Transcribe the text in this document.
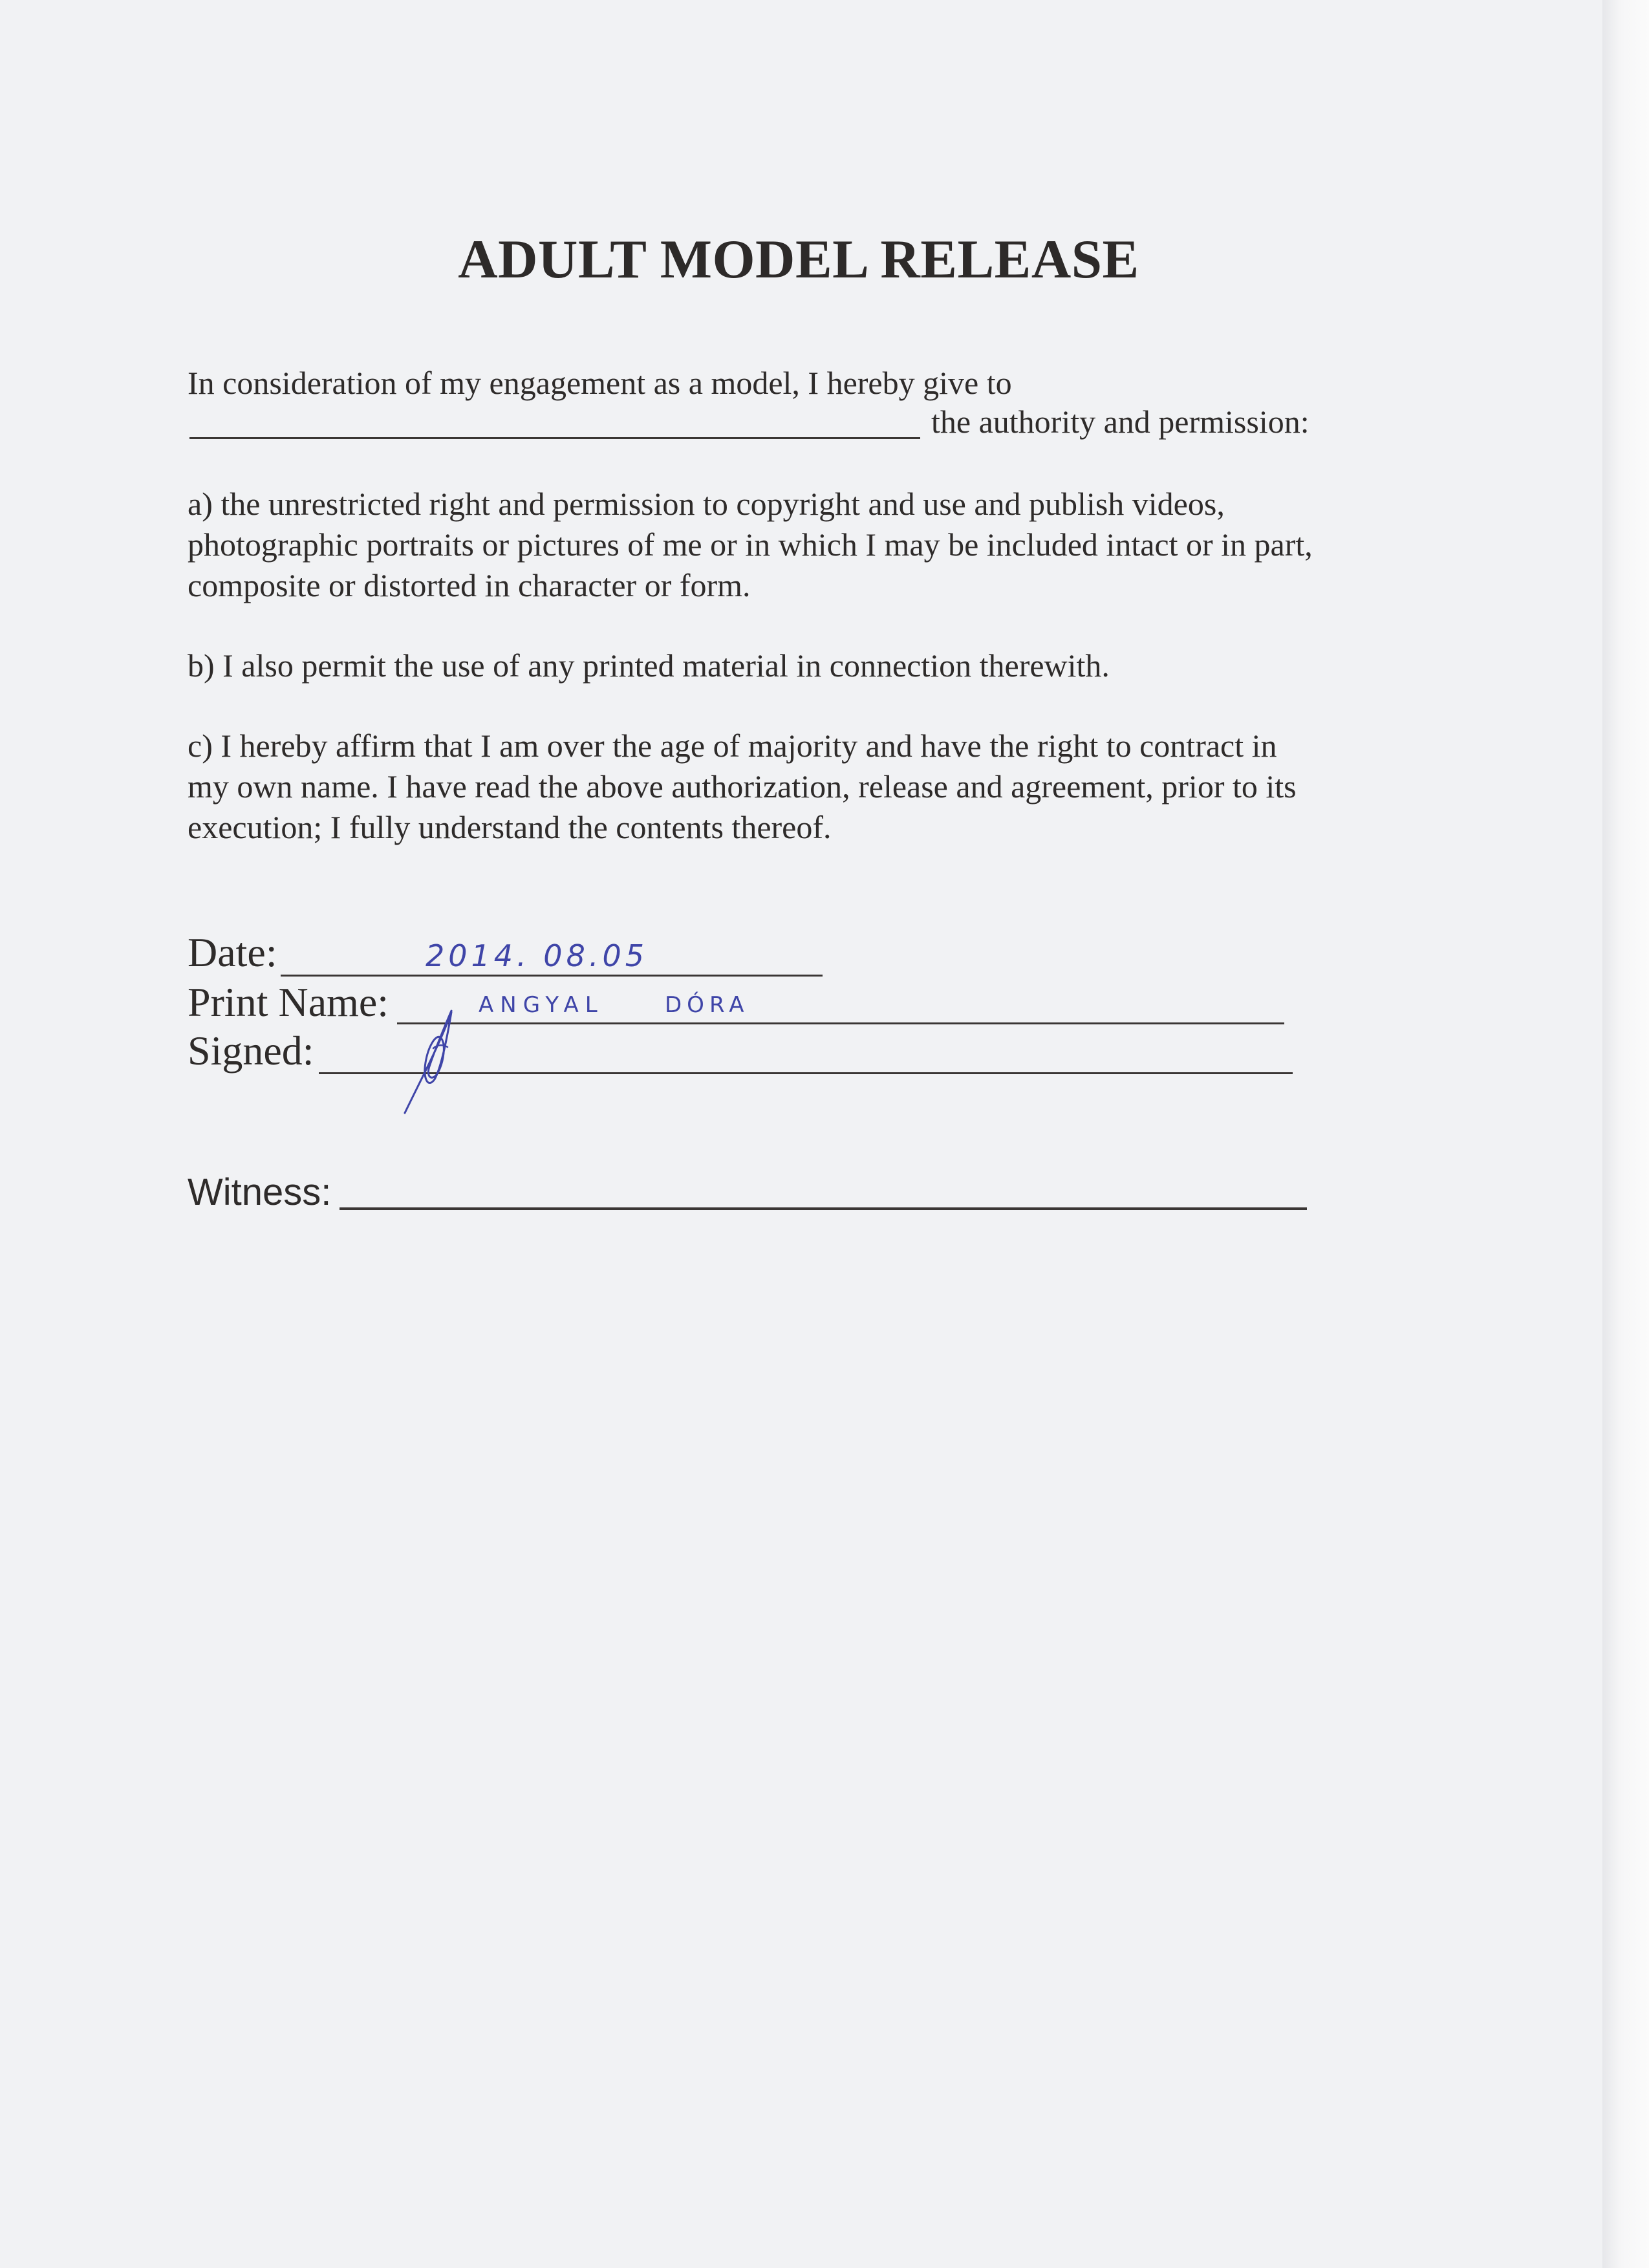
ADULT MODEL RELEASE
In consideration of my engagement as a model, I hereby give to
the authority and permission:
a) the unrestricted right and permission to copyright and use and publish videos,
photographic portraits or pictures of me or in which I may be included intact or in part,
composite or distorted in character or form.
b) I also permit the use of any printed material in connection therewith.
c) I hereby affirm that I am over the age of majority and have the right to contract in
my own name. I have read the above authorization, release and agreement, prior to its
execution; I fully understand the contents thereof.
Date:	2014. 08.05
Print Name:	ANGYAL	DÓRA
Signed:
Witness:
